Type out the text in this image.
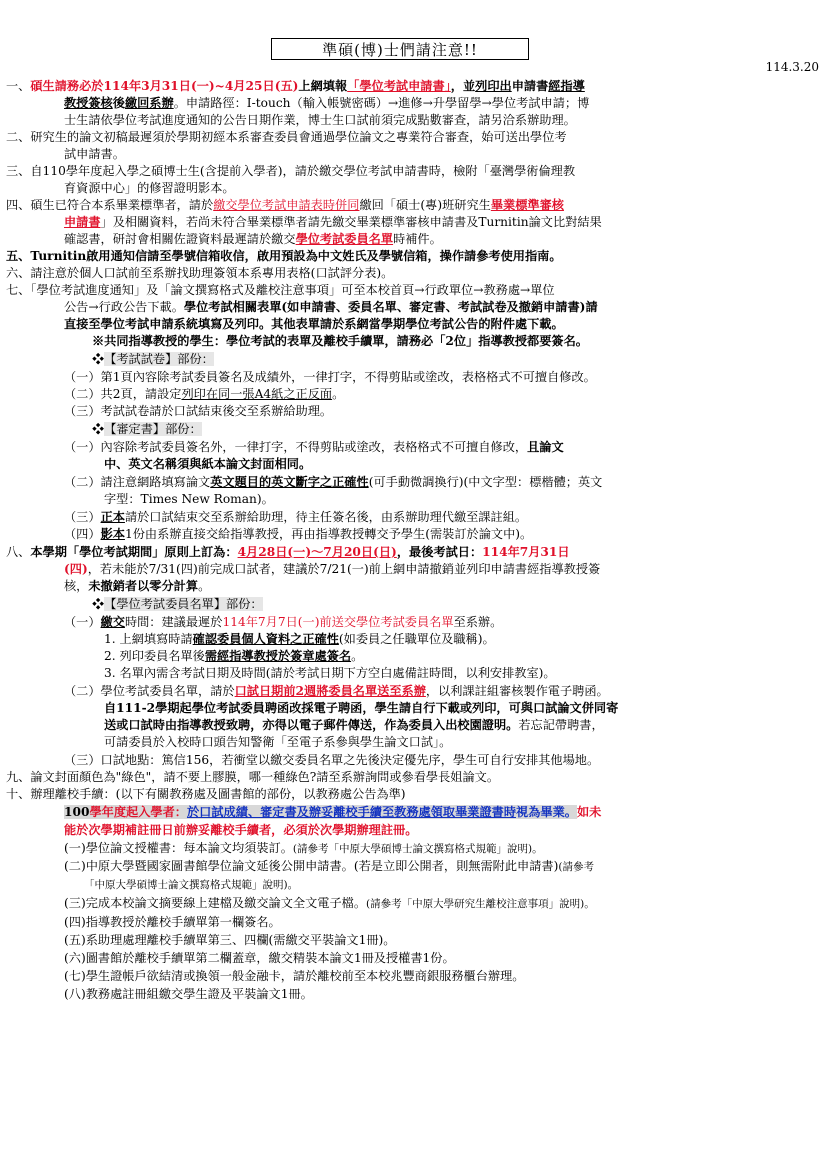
準碩(博)士們請注意!!
114.3.20
一、碩生請務必於114年3月31日(一)~4月25日(五)上網填報「學位考試申請書」，並列印出申請書經指導
教授簽核後繳回系辦。申請路徑：I-touch（輸入帳號密碼）→進修→升學留學→學位考試申請；博
士生請依學位考試進度通知的公告日期作業，博士生口試前須完成點數審查，請另洽系辦助理。
二、研究生的論文初稿最遲須於學期初經本系審查委員會通過學位論文之專業符合審查，始可送出學位考
試申請書。
三、自110學年度起入學之碩博士生(含提前入學者)，請於繳交學位考試申請書時，檢附「臺灣學術倫理教
育資源中心」的修習證明影本。
四、碩生已符合本系畢業標準者，請於繳交學位考試申請表時併同繳回「碩士(專)班研究生畢業標準審核
申請書」及相關資料，若尚未符合畢業標準者請先繳交畢業標準審核申請書及Turnitin論文比對結果
確認書，研討會相關佐證資料最遲請於繳交學位考試委員名單時補件。
五、Turnitin啟用通知信請至學號信箱收信，啟用預設為中文姓氏及學號信箱，操作請參考使用指南。
六、請注意於個人口試前至系辦找助理簽領本系專用表格(口試評分表)。
七、「學位考試進度通知」及「論文撰寫格式及離校注意事項」可至本校首頁→行政單位→教務處→單位
公告→行政公告下載。學位考試相關表單(如申請書、委員名單、審定書、考試試卷及撤銷申請書)請
直接至學位考試申請系統填寫及列印。其他表單請於系網當學期學位考試公告的附件處下載。
※共同指導教授的學生：學位考試的表單及離校手續單，請務必「2位」指導教授都要簽名。
❖【考試試卷】部份：
（一）第1頁內容除考試委員簽名及成績外，一律打字，不得剪貼或塗改，表格格式不可擅自修改。
（二）共2頁，請設定列印在同一張A4紙之正反面。
（三）考試試卷請於口試結束後交至系辦給助理。
❖【審定書】部份：
（一）內容除考試委員簽名外，一律打字，不得剪貼或塗改，表格格式不可擅自修改，且論文
中、英文名稱須與紙本論文封面相同。
（二）請注意網路填寫論文英文題目的英文斷字之正確性(可手動微調換行)(中文字型：標楷體；英文
字型：Times New Roman)。
（三）正本請於口試結束交至系辦給助理，待主任簽名後，由系辦助理代繳至課註組。
（四）影本1份由系辦直接交給指導教授，再由指導教授轉交予學生(需裝訂於論文中)。
八、本學期「學位考試期間」原則上訂為：4月28日(一)～7月20日(日)，最後考試日：114年7月31日
(四)，若未能於7/31(四)前完成口試者，建議於7/21(一)前上網申請撤銷並列印申請書經指導教授簽
核，未撤銷者以零分計算。
❖【學位考試委員名單】部份：
（一）繳交時間：建議最遲於114年7月7日(一)前送交學位考試委員名單至系辦。
1. 上網填寫時請確認委員個人資料之正確性(如委員之任職單位及職稱)。
2. 列印委員名單後需經指導教授於簽章處簽名。
3. 名單內需含考試日期及時間(請於考試日期下方空白處備註時間，以利安排教室)。
（二）學位考試委員名單，請於口試日期前2週將委員名單送至系辦，以利課註組審核製作電子聘函。
自111-2學期起學位考試委員聘函改採電子聘函，學生請自行下載或列印，可與口試論文併同寄
送或口試時由指導教授致聘，亦得以電子郵件傳送，作為委員入出校園證明。若忘記帶聘書，
可請委員於入校時口頭告知警衛「至電子系參與學生論文口試」。
（三）口試地點：篤信156，若衝堂以繳交委員名單之先後決定優先序，學生可自行安排其他場地。
九、論文封面顏色為"綠色"，請不要上膠膜，哪一種綠色?請至系辦詢問或參看學長姐論文。
十、辦理離校手續：(以下有關教務處及圖書館的部份，以教務處公告為準)
100學年度起入學者：於口試成績、審定書及辦妥離校手續至教務處領取畢業證書時視為畢業。如未
能於次學期補註冊日前辦妥離校手續者，必須於次學期辦理註冊。
(一)學位論文授權書：每本論文均須裝訂。(請參考「中原大學碩博士論文撰寫格式規範」說明)。
(二)中原大學暨國家圖書館學位論文延後公開申請書。(若是立即公開者，則無需附此申請書)(請參考
「中原大學碩博士論文撰寫格式規範」說明)。
(三)完成本校論文摘要線上建檔及繳交論文全文電子檔。(請參考「中原大學研究生離校注意事項」說明)。
(四)指導教授於離校手續單第一欄簽名。
(五)系助理處理離校手續單第三、四欄(需繳交平裝論文1冊)。
(六)圖書館於離校手續單第二欄蓋章，繳交精裝本論文1冊及授權書1份。
(七)學生證帳戶欲結清或換領一般金融卡，請於離校前至本校兆豐商銀服務櫃台辦理。
(八)教務處註冊組繳交學生證及平裝論文1冊。
